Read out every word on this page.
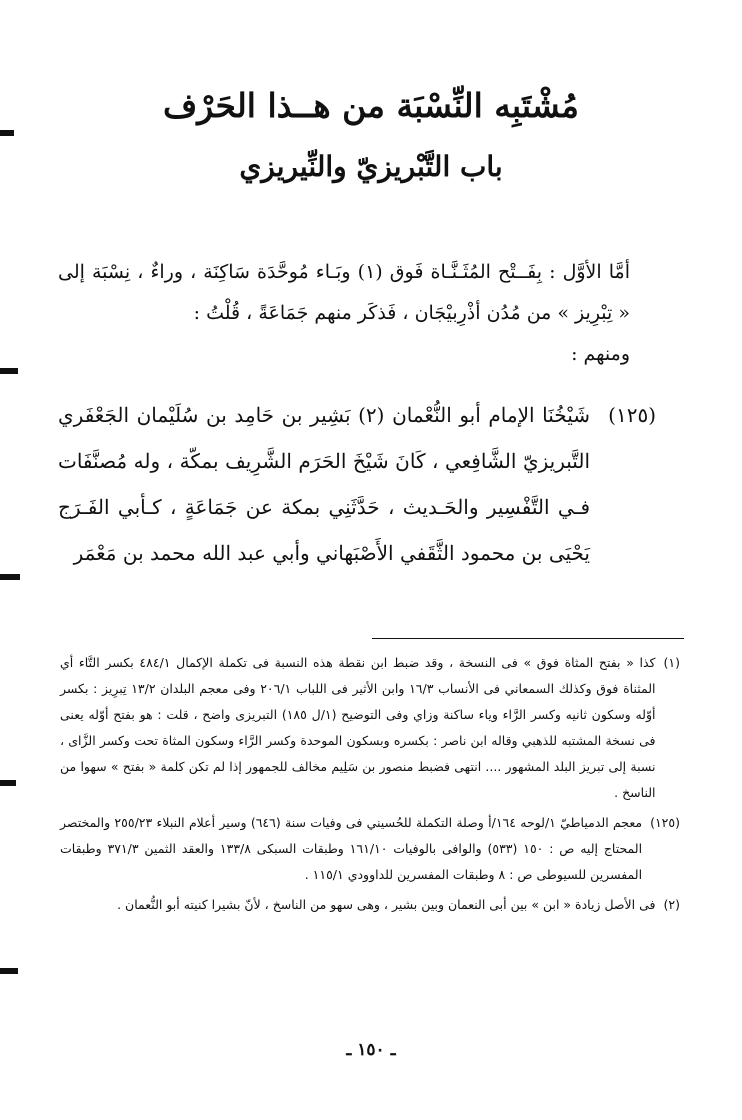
مُشْتَبِه النِّسْبَة من هــذا الحَرْف
باب التَّبْريزيّ والنِّيريزي

أمَّا الأوَّل : بِفَــتْح المُثَـنَّـاة فَوق (١) وبَـاء مُوحَّدَة سَاكِنَة ، وراءٌ ، نِسْبَة إلى « تِبْرِيز » من مُدُن أذْرِبيْجَان ، فَذكَر منهم جَمَاعَةً ، قُلْتُ :

ومنهم :

(١٢٥)
شَيْخُنَا الإمام أبو النُّعْمان (٢) بَشِير بن حَامِد بن سُلَيْمان الجَعْفَري التَّبريزيّ الشَّافِعي ، كَانَ شَيْخَ الحَرَم الشَّرِيف بمكّة ، وله مُصنَّفَات فـي التَّفْسِير والحَـديث ، حَدَّثَنِي بمكة عن جَمَاعَةٍ ، كـأبي الفَـرَج يَحْيَى بن محمود الثَّقَفي الأَصْبَهاني وأبي عبد الله محمد بن مَعْمَر
(١)
كذا « بفتح المثاة فوق » فى النسخة ، وقد ضبط ابن نقطة هذه النسبة فى تكملة الإكمال ٤٨٤/١ بكسر التَّاء أي المثناة فوق وكذلك السمعاني فى الأنساب ١٦/٣ وابن الأثير فى اللباب ٢٠٦/١ وفى معجم البلدان ١٣/٢ تِبرِيز : بكسر أوّله وسكون ثانيه وكسر الرَّاء وياء ساكنة وزاي وفى التوضيح (١/ل ١٨٥) التبريزى واضح ، قلت : هو بفتح أوّله يعنى فى نسخة المشتبه للذهبي وقاله ابن ناصر : بكسره وبسكون الموحدة وكسر الرَّاء وسكون المثاة تحت وكسر الزَّاى ، نسبة إلى تبريز البلد المشهور .... انتهى فضبط منصور بن سَلِيم مخالف للجمهور إذا لم تكن كلمة « بفتح » سهوا من الناسخ .
(١٢٥)
معجم الدمياطيّ ١/لوحه ١٦٤/أ وصلة التكملة للحُسيني فى وفيات سنة (٦٤٦) وسير أعلام النبلاء ٢٥٥/٢٣ والمختصر المحتاج إليه ص : ١٥٠ (٥٣٣) والوافى بالوفيات ١٦١/١٠ وطبقات السبكى ١٣٣/٨ والعقد الثمين ٣٧١/٣ وطبقات المفسرين للسيوطى ص : ٨ وطبقات المفسرين للداوودي ١١٥/١ .
(٢)
فى الأصل زيادة « ابن » بين أبى النعمان وبين بشير ، وهى سهو من الناسخ ، لأنّ بشيرا كنيته أبو النُّعمان .
ـ ١٥٠ ـ
